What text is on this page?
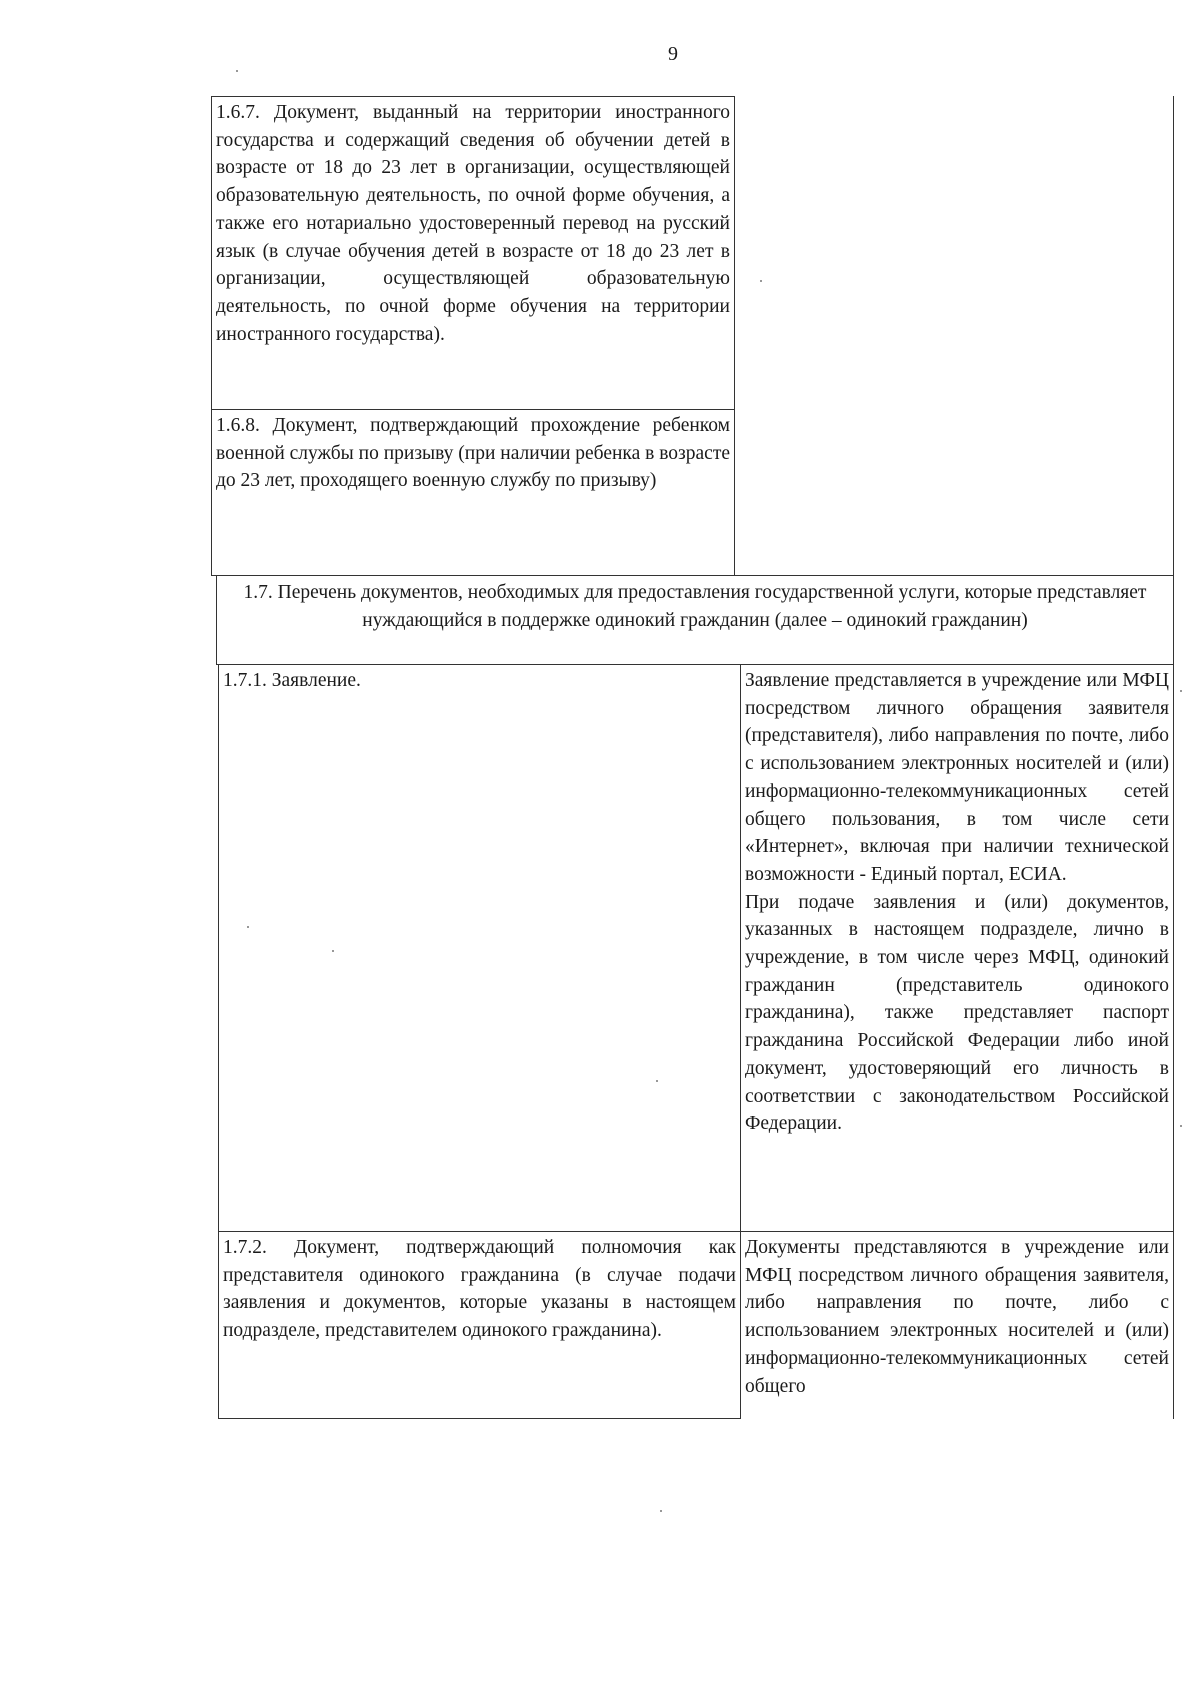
9
1.6.7. Документ, выданный на территории иностранного государства и содержащий сведения об обучении детей в возрасте от 18 до 23 лет в организации, осуществляющей образовательную деятельность, по очной форме обучения, а также его нотариально удостоверенный перевод на русский язык (в случае обучения детей в возрасте от 18 до 23 лет в организации, осуществляющей образовательную деятельность, по очной форме обучения на территории иностранного государства).
1.6.8. Документ, подтверждающий прохождение ребенком военной службы по призыву (при наличии ребенка в возрасте до 23 лет, проходящего военную службу по призыву)
1.7. Перечень документов, необходимых для предоставления государственной услуги, которые представляет нуждающийся в поддержке одинокий гражданин (далее – одинокий гражданин)
1.7.1. Заявление.	Заявление представляется в учреждение или МФЦ посредством личного обращения заявителя (представителя), либо направления по почте, либо с использованием электронных носителей и (или) информационно-телекоммуникационных сетей общего пользования, в том числе сети «Интернет», включая при наличии технической возможности - Единый портал, ЕСИА.
При подаче заявления и (или) документов, указанных в настоящем подразделе, лично в учреждение, в том числе через МФЦ, одинокий гражданин (представитель одинокого гражданина), также представляет паспорт гражданина Российской Федерации либо иной документ, удостоверяющий его личность в соответствии с законодательством Российской Федерации.
1.7.2. Документ, подтверждающий полномочия как представителя одинокого гражданина (в случае подачи заявления и документов, которые указаны в настоящем подразделе, представителем одинокого гражданина).
Документы представляются в учреждение или МФЦ посредством личного обращения заявителя, либо направления по почте, либо с использованием электронных носителей и (или) информационно-телекоммуникационных сетей общего
